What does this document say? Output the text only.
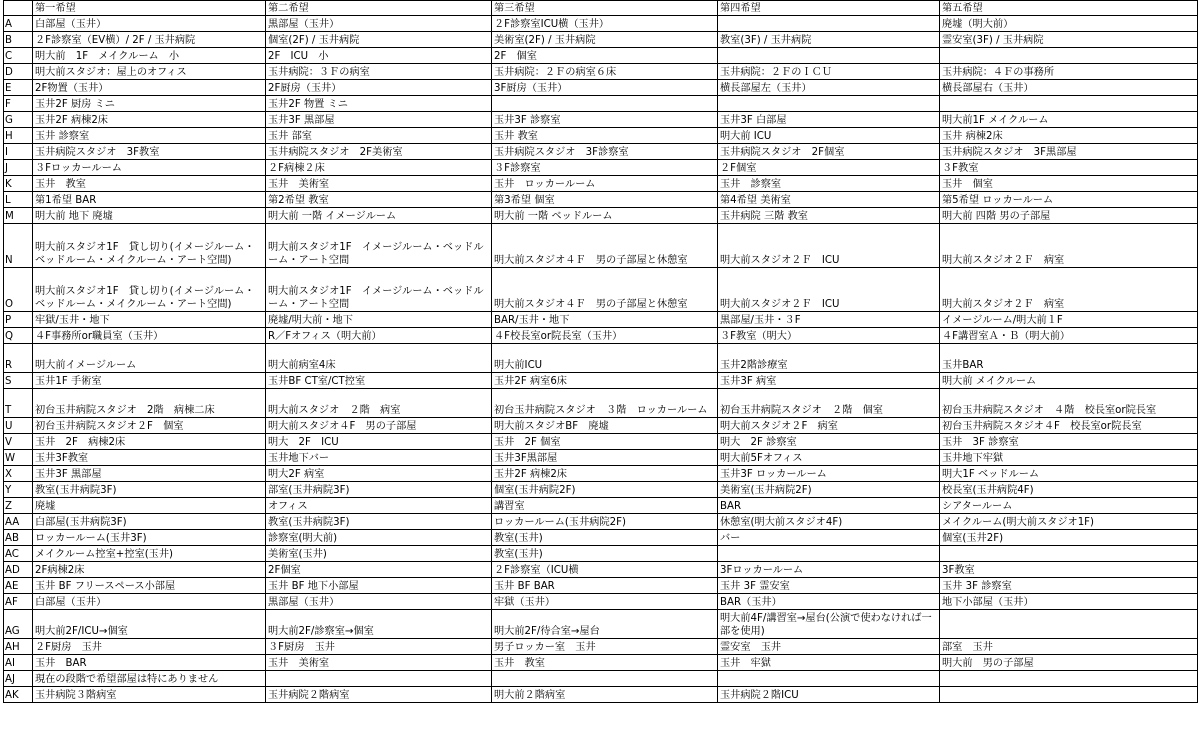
	第一希望	第二希望	第三希望	第四希望	第五希望
A	白部屋（玉井）	黒部屋（玉井）	２F診察室ICU横（玉井）		廃墟（明大前）
B	２F診察室（EV横）/ 2F / 玉井病院	個室(2F) / 玉井病院	美術室(2F) / 玉井病院	教室(3F) / 玉井病院	霊安室(3F) / 玉井病院
C	明大前　1F　メイクルーム　小	2F　ICU　小	2F　個室		
D	明大前スタジオ：屋上のオフィス	玉井病院：３Ｆの病室	玉井病院：２Ｆの病室６床	玉井病院：２ＦのＩＣＵ	玉井病院：４Ｆの事務所
E	2F物置（玉井）	2F厨房（玉井）	3F厨房（玉井）	横長部屋左（玉井）	横長部屋右（玉井）
F	玉井2F 厨房 ミニ	玉井2F 物置 ミニ			
G	玉井2F 病棟2床	玉井3F 黒部屋	玉井3F 診察室	玉井3F 白部屋	明大前1F メイクルーム
H	玉井 診察室	玉井 部室	玉井 教室	明大前 ICU	玉井 病棟2床
I	玉井病院スタジオ　3F教室	玉井病院スタジオ　2F美術室	玉井病院スタジオ　3F診察室	玉井病院スタジオ　2F個室	玉井病院スタジオ　3F黒部屋
J	３Fロッカールーム	２F病棟２床	３F診察室	２F個室	３F教室
K	玉井　教室	玉井　美術室	玉井　ロッカールーム	玉井　診察室	玉井　個室
L	第1希望 BAR	第2希望 教室	第3希望 個室	第4希望 美術室	第5希望 ロッカールーム
M	明大前 地下 廃墟	明大前 一階 イメージルーム	明大前 一階 ベッドルーム	玉井病院 三階 教室	明大前 四階 男の子部屋
N	明大前スタジオ1F　貸し切り(イメージルーム・ベッドルーム・メイクルーム・アート空間)	明大前スタジオ1F　イメージルーム・ベッドルーム・アート空間	明大前スタジオ４Ｆ　男の子部屋と休憩室	明大前スタジオ２Ｆ　ICU	明大前スタジオ２Ｆ　病室
O	明大前スタジオ1F　貸し切り(イメージルーム・ベッドルーム・メイクルーム・アート空間)	明大前スタジオ1F　イメージルーム・ベッドルーム・アート空間	明大前スタジオ４Ｆ　男の子部屋と休憩室	明大前スタジオ２Ｆ　ICU	明大前スタジオ２Ｆ　病室
P	牢獄/玉井・地下	廃墟/明大前・地下	BAR/玉井・地下	黒部屋/玉井・３F	イメージルーム/明大前１F
Q	４F事務所or職員室（玉井）	R／Fオフィス（明大前）	４F校長室or院長室（玉井）	３F教室（明大）	４F講習室Ａ・Ｂ（明大前）
R	明大前イメージルーム	明大前病室4床	明大前ICU	玉井2階診療室	玉井BAR
S	玉井1F 手術室	玉井BF CT室/CT控室	玉井2F 病室6床	玉井3F 病室	明大前 メイクルーム
T	初台玉井病院スタジオ　2階　病棟二床	明大前スタジオ　２階　病室	初台玉井病院スタジオ　３階　ロッカールーム	初台玉井病院スタジオ　２階　個室	初台玉井病院スタジオ　４階　校長室or院長室
U	初台玉井病院スタジオ２F　個室	明大前スタジオ４F　男の子部屋	明大前スタジオBF　廃墟	明大前スタジオ２F　病室	初台玉井病院スタジオ４F　校長室or院長室
V	玉井　2F　病棟2床	明大　2F　ICU	玉井　2F 個室	明大　2F 診察室	玉井　3F 診察室
W	玉井3F教室	玉井地下バー	玉井3F黒部屋	明大前5Fオフィス	玉井地下牢獄
X	玉井3F 黒部屋	明大2F 病室	玉井2F 病棟2床	玉井3F ロッカールーム	明大1F ベッドルーム
Y	教室(玉井病院3F)	部室(玉井病院3F)	個室(玉井病院2F)	美術室(玉井病院2F)	校長室(玉井病院4F)
Z	廃墟	オフィス	講習室	BAR	シアタールーム
AA	白部屋(玉井病院3F)	教室(玉井病院3F)	ロッカールーム(玉井病院2F)	休憩室(明大前スタジオ4F)	メイクルーム(明大前スタジオ1F)
AB	ロッカールーム(玉井3F)	診察室(明大前)	教室(玉井)	バー	個室(玉井2F)
AC	メイクルーム控室+控室(玉井)	美術室(玉井)	教室(玉井)		
AD	2F病棟2床	2F個室	２F診察室（ICU横	3Fロッカールーム	3F教室
AE	玉井 BF フリースペース小部屋	玉井 BF 地下小部屋	玉井 BF BAR	玉井 3F 霊安室	玉井 3F 診察室
AF	白部屋（玉井）	黒部屋（玉井）	牢獄（玉井）	BAR（玉井）	地下小部屋（玉井）
AG	明大前2F/ICU→個室	明大前2F/診察室→個室	明大前2F/待合室→屋台	明大前4F/講習室→屋台(公演で使わなければ一部を使用)	
AH	２F厨房　玉井	３F厨房　玉井	男子ロッカー室　玉井	霊安室　玉井	部室　玉井
AI	玉井　BAR	玉井　美術室	玉井　教室	玉井　牢獄	明大前　男の子部屋
AJ	現在の段階で希望部屋は特にありません				
AK	玉井病院３階病室	玉井病院２階病室	明大前２階病室	玉井病院２階ICU	
